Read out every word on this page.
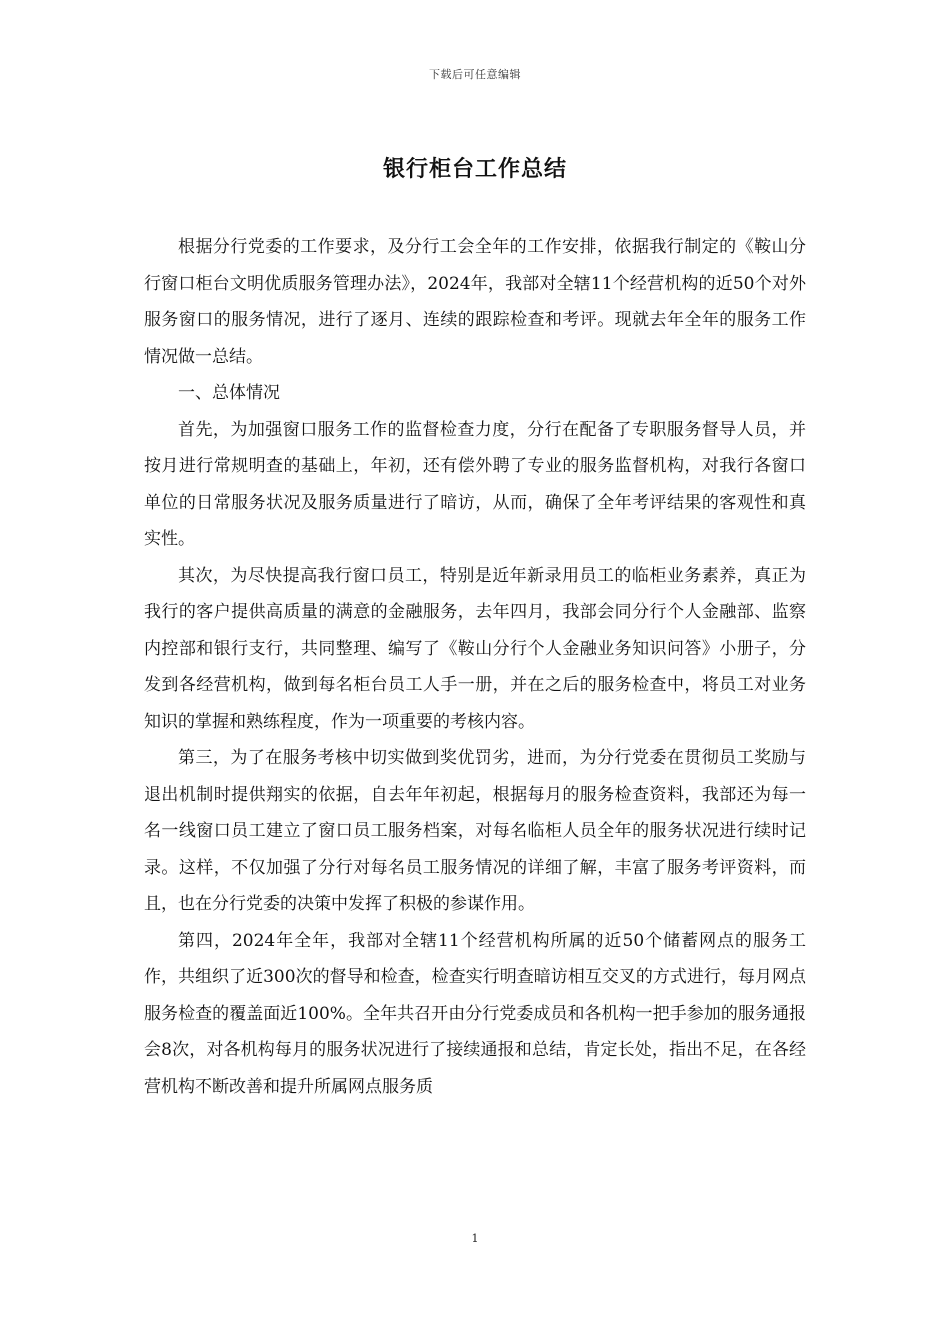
下载后可任意编辑
银行柜台工作总结

根据分行党委的工作要求，及分行工会全年的工作安排，依据我行制定的《鞍山分行窗口柜台文明优质服务管理办法》，2024年，我部对全辖11个经营机构的近50个对外服务窗口的服务情况，进行了逐月、连续的跟踪检查和考评。现就去年全年的服务工作情况做一总结。

一、总体情况

首先，为加强窗口服务工作的监督检查力度，分行在配备了专职服务督导人员，并按月进行常规明查的基础上，年初，还有偿外聘了专业的服务监督机构，对我行各窗口单位的日常服务状况及服务质量进行了暗访，从而，确保了全年考评结果的客观性和真实性。

其次，为尽快提高我行窗口员工，特别是近年新录用员工的临柜业务素养，真正为我行的客户提供高质量的满意的金融服务，去年四月，我部会同分行个人金融部、监察内控部和银行支行，共同整理、编写了《鞍山分行个人金融业务知识问答》小册子，分发到各经营机构，做到每名柜台员工人手一册，并在之后的服务检查中，将员工对业务知识的掌握和熟练程度，作为一项重要的考核内容。

第三，为了在服务考核中切实做到奖优罚劣，进而，为分行党委在贯彻员工奖励与退出机制时提供翔实的依据，自去年年初起，根据每月的服务检查资料，我部还为每一名一线窗口员工建立了窗口员工服务档案，对每名临柜人员全年的服务状况进行续时记录。这样，不仅加强了分行对每名员工服务情况的详细了解，丰富了服务考评资料，而且，也在分行党委的决策中发挥了积极的参谋作用。

第四，2024年全年，我部对全辖11个经营机构所属的近50个储蓄网点的服务工作，共组织了近300次的督导和检查，检查实行明查暗访相互交叉的方式进行，每月网点服务检查的覆盖面近100%。全年共召开由分行党委成员和各机构一把手参加的服务通报会8次，对各机构每月的服务状况进行了接续通报和总结，肯定长处，指出不足，在各经营机构不断改善和提升所属网点服务质

1
